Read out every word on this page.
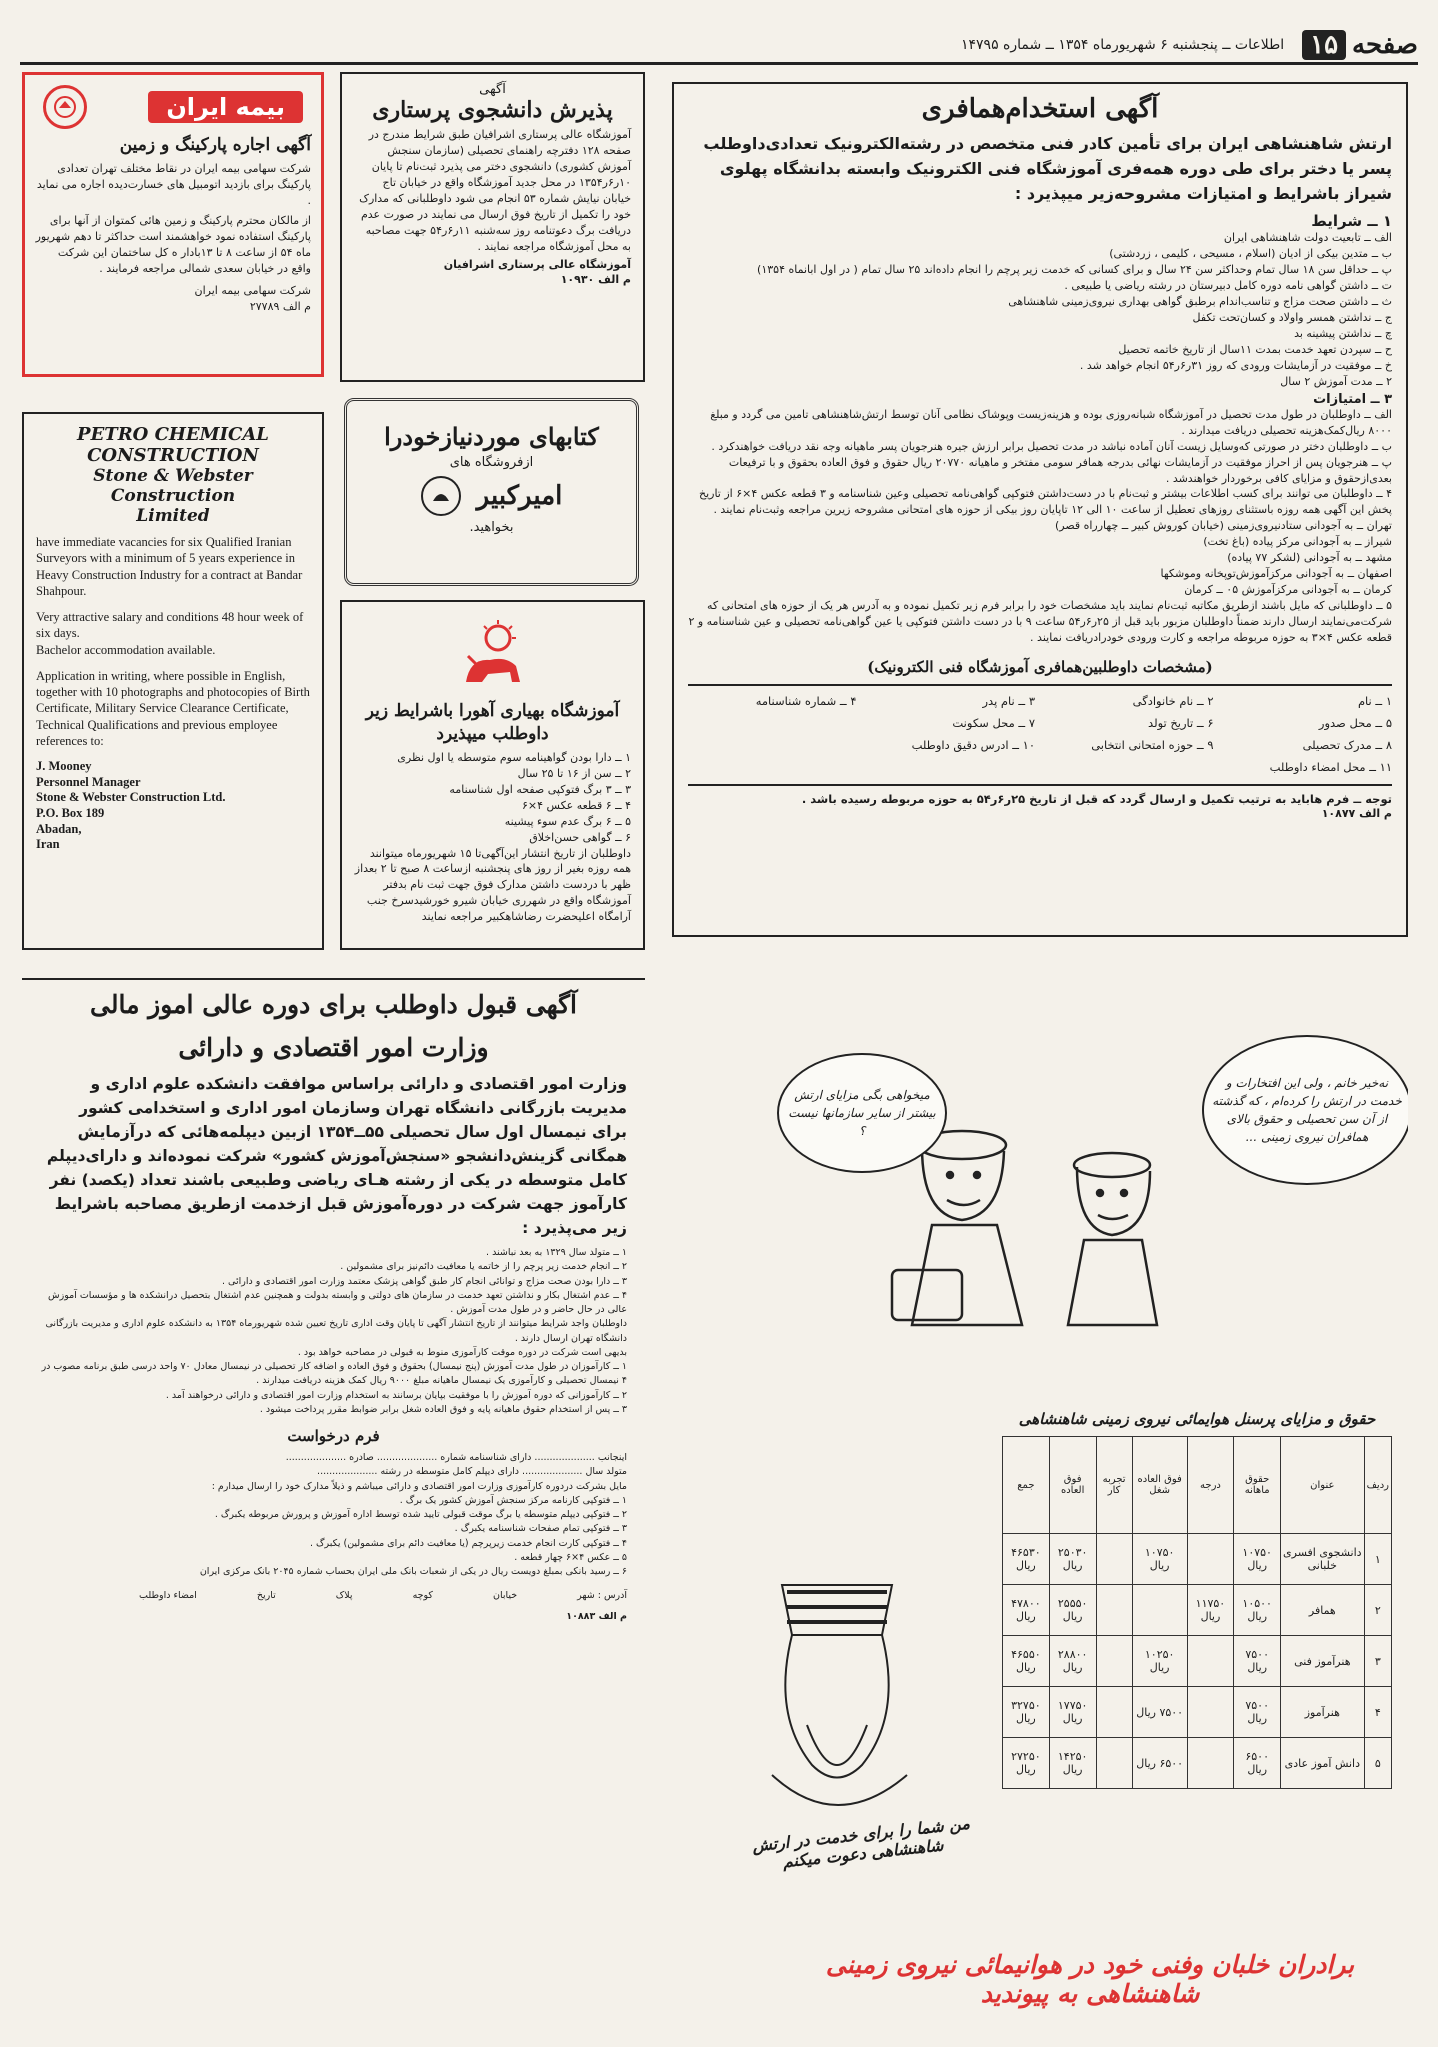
صفحه
۱۵
اطلاعات ــ پنجشنبه ۶ شهریورماه ۱۳۵۴ ــ شماره ۱۴۷۹۵
آگهی استخدام‌همافری
ارتش شاهنشاهی ایران برای تأمین کادر فنی متخصص در رشته‌الکترونیک تعدادی‌داوطلب پسر یا دختر برای طی دوره همه‌فری آموزشگاه فنی الکترونیک وابسته بدانشگاه پهلوی شیراز باشرایط و امتیازات مشروحه‌زیر میپذیرد :
۱ ــ شرایط
الف ــ تابعیت دولت شاهنشاهی ایران
ب ــ متدین بیکی از ادیان (اسلام ، مسیحی ، کلیمی ، زردشتی)
پ ــ حداقل سن ۱۸ سال تمام وحداکثر سن ۲۴ سال و برای کسانی که خدمت زیر پرچم را انجام داده‌اند ۲۵ سال تمام ( در اول ابانماه ۱۳۵۴)
ت ــ داشتن گواهی نامه دوره کامل دبیرستان در رشته ریاضی یا طبیعی .
ث ــ داشتن صحت مزاج و تناسب‌اندام برطبق گواهی بهداری نیروی‌زمینی شاهنشاهی
ج ــ نداشتن همسر واولاد و کسان‌تحت تکفل
چ ــ نداشتن پیشینه بد
ح ــ سپردن تعهد خدمت بمدت ۱۱سال از تاریخ خاتمه تحصیل
خ ــ موفقیت در آزمایشات ورودی که روز ۳۱ر۶ر۵۴ انجام خواهد شد .
۲ ــ مدت آموزش ۲ سال
۳ ــ امتیازات
الف ــ داوطلبان در طول مدت تحصیل در آموزشگاه شبانه‌روزی بوده و هزینه‌زیست وپوشاک نظامی آنان توسط ارتش‌شاهنشاهی تامین می گردد و مبلغ ۸۰۰۰ ریال‌کمک‌هزینه تحصیلی دریافت میدارند .
ب ــ داوطلبان دختر در صورتی که‌وسایل زیست آنان آماده نباشد در مدت تحصیل برابر ارزش جیره هنرجویان پسر ماهیانه وجه نقد دریافت خواهندکرد .
پ ــ هنرجویان پس از احراز موفقیت در آزمایشات نهائی بدرجه همافر سومی مفتخر و ماهیانه ۲۰۷۷۰ ریال حقوق و فوق العاده بحقوق و با ترفیعات بعدی‌ازحقوق و مزایای کافی برخوردار خواهندشد .
۴ ــ داوطلبان می توانند برای کسب اطلاعات بیشتر و ثبت‌نام با در دست‌داشتن فتوکپی گواهی‌نامه تحصیلی وعین شناسنامه و ۳ قطعه عکس ۴×۶ از تاریخ پخش این آگهی همه روزه باستثنای روزهای تعطیل از ساعت ۱۰ الی ۱۲ تاپایان روز بیکی از حوزه های امتحانی مشروحه زیرین مراجعه وثبت‌نام نمایند .
تهران ــ به آجودانی ستادنیروی‌زمینی (خیابان کوروش کبیر ــ چهارراه قصر)
شیراز ــ به آجودانی مرکز پیاده (باغ تخت)
مشهد ــ به آجودانی (لشکر ۷۷ پیاده)
اصفهان ــ به آجودانی مرکزآموزش‌توپخانه وموشکها
کرمان ــ به آجودانی مرکزآموزش ۰۵ ــ کرمان
۵ ــ داوطلبانی که مایل باشند ازطریق مکاتبه ثبت‌نام نمایند باید مشخصات خود را برابر فرم زیر تکمیل نموده و به آدرس هر یک از حوزه های امتحانی که شرکت‌می‌نمایند ارسال دارند ضمناً داوطلبان مزبور باید قبل از ۲۵ر۶ر۵۴ ساعت ۹ با در دست داشتن فتوکپی یا عین گواهی‌نامه تحصیلی و عین شناسنامه و ۲ قطعه عکس ۴×۳ به حوزه مربوطه مراجعه و کارت ورودی خودرادریافت نمایند .
(مشخصات داوطلبین‌همافری آموزشگاه فنی الکترونیک)
۱ ــ نام
۲ ــ نام خانوادگی
۳ ــ نام پدر
۴ ــ شماره شناسنامه
۵ ــ محل صدور
۶ ــ تاریخ تولد
۷ ــ محل سکونت
۸ ــ مدرک تحصیلی
۹ ــ حوزه امتحانی انتخابی
۱۰ ــ ادرس دقیق داوطلب
۱۱ ــ محل امضاء داوطلب
توجه ــ فرم هابايد به ترتيب تكميل و ارسال گردد كه قبل از تاريخ ۲۵ر۶ر۵۴ به حوزه مربوطه رسيده باشد .
م الف ۱۰۸۷۷
آگهی
پذیرش دانشجوی پرستاری
آموزشگاه عالی پرستاری اشرافیان طبق شرایط مندرج در صفحه ۱۲۸ دفترچه راهنمای تحصیلی (سازمان سنجش آموزش کشوری) دانشجوی دختر می پذیرد ثبت‌نام تا پایان ۱۰ر۶ر۱۳۵۴ در محل جدید آموزشگاه واقع در خیابان تاج خیابان نیایش شماره ۵۳ انجام می شود داوطلبانی که مدارک خود را تکمیل از تاریخ فوق ارسال می نمایند در صورت عدم دریافت برگ دعوتنامه روز سه‌شنبه ۱۱ر۶ر۵۴ جهت مصاحبه به محل آموزشگاه مراجعه نمایند .
آموزشگاه عالی پرستاری اشرافیان
م الف ۱۰۹۳۰
بیمه ایران
آگهی اجاره پارکینگ و زمین
شرکت سهامی بیمه ایران در نقاط مختلف تهران تعدادی پارکینگ برای بازدید اتومبیل های خسارت‌دیده اجاره می نماید .
از مالکان محترم پارکینگ و زمین هائی کمتوان از آنها برای پارکینگ استفاده نمود خواهشمند است حداکثر تا دهم شهریور ماه ۵۴ از ساعت ۸ تا ۱۳بادار ه کل ساختمان این شرکت واقع در خیابان سعدی شمالی مراجعه فرمایند .
شرکت سهامی بیمه ایران
م الف ۲۷۷۸۹

PETRO CHEMICAL

CONSTRUCTION

Stone & Webster Construction

Limited

have immediate vacancies for six Qualified Iranian Surveyors with a minimum of 5 years experience in Heavy Construction Industry for a contract at Bandar Shahpour.

Very attractive salary and conditions 48 hour week of six days.

Bachelor accommodation available.

Application in writing, where possible in English, together with 10 photographs and photocopies of Birth Certificate, Military Service Clearance Certificate, Technical Qualifications and previous employee references to:

J. Mooney

Personnel Manager

Stone & Webster Construction Ltd.

P.O. Box 189

Abadan,

Iran

کتابهای موردنیازخودرا
ازفروشگاه های
امیرکبیر
بخواهید.
آموزشگاه بهیاری آهورا باشرایط زیر داوطلب میپذیرد
۱ ــ دارا بودن گواهینامه سوم متوسطه یا اول نظری
۲ ــ سن از ۱۶ تا ۲۵ سال
۳ ــ ۳ برگ فتوکپی صفحه اول شناسنامه
۴ ــ ۶ قطعه عکس ۴×۶
۵ ــ ۶ برگ عدم سوء پیشینه
۶ ــ گواهی حسن‌اخلاق
داوطلبان از تاریخ انتشار این‌آگهی‌تا ۱۵ شهریورماه میتوانند همه روزه بغیر از روز های پنجشنبه ازساعت ۸ صبح تا ۲ بعداز ظهر با دردست داشتن مدارک فوق جهت ثبت نام بدفتر آموزشگاه واقع در شهرری خیابان شیرو خورشیدسرخ جنب آرامگاه اعلیحضرت رضاشاهکبیر مراجعه نمایند
آگهی قبول داوطلب برای دوره عالی اموز مالی
وزارت امور اقتصادی و دارائی
وزارت امور اقتصادی و دارائی براساس موافقت دانشکده علوم اداری و مدیریت بازرگانی دانشگاه تهران وسازمان امور اداری و استخدامی کشور برای نیمسال اول سال تحصیلی ۵۵ــ۱۳۵۴ ازبین دیپلمه‌هائی که درآزمایش همگانی گزینش‌دانشجو «سنجش‌آموزش کشور» شرکت نموده‌اند و دارای‌دیپلم کامل متوسطه در یکی از رشته‌ هـای ریاضی وطبیعی باشند تعداد (یکصد) نفر کارآموز جهت شرکت در دوره‌آموزش قبل ازخدمت ازطریق مصاحبه باشرایط زیر می‌پذیرد :
۱ ــ متولد سال ۱۳۲۹ به بعد نباشند .
۲ ــ انجام خدمت زیر پرچم را از خاتمه یا معافیت دائم‌نیز برای مشمولین .
۳ ــ دارا بودن صحت مزاج و توانائی انجام کار طبق گواهی پزشک معتمد وزارت امور اقتصادی و دارائی .
۴ ــ عدم اشتغال بکار و نداشتن تعهد خدمت در سازمان های دولتی و وابسته بدولت و همچنین عدم اشتغال بتحصیل درانشکده ها و مؤسسات آموزش عالی در حال حاضر و در طول مدت آموزش .
داوطلبان واجد شرایط میتوانند از تاریخ انتشار آگهی تا پایان وقت اداری تاریخ تعیین شده شهریورماه ۱۳۵۴ به دانشکده علوم اداری و مدیریت بازرگانی دانشگاه تهران ارسال دارند .
بدیهی است شرکت در دوره موقت کارآموزی منوط به قبولی در مصاحبه خواهد بود .
۱ ــ کارآموزان در طول مدت آموزش (پنج نیمسال) بحقوق و فوق العاده و اضافه کار تحصیلی در نیمسال معادل ۷۰ واحد درسی طبق برنامه مصوب در ۴ نیمسال تحصیلی و کارآموزی یک نیمسال ماهیانه مبلغ ۹۰۰۰ ریال کمک هزینه دریافت میدارند .
۲ ــ کارآموزانی که دوره آموزش را با موفقیت بپایان برسانند به استخدام وزارت امور اقتصادی و دارائی درخواهند آمد .
۳ ــ پس از استخدام حقوق ماهیانه پایه و فوق العاده شغل برابر ضوابط مقرر پرداخت میشود .
فرم درخواست
اینجانب .................... دارای شناسنامه شماره .................... صادره ....................
متولد سال .................... دارای دیپلم کامل متوسطه در رشته ....................
مایل بشرکت دردوره کارآموزی وزارت امور اقتصادی و دارائی میباشم و ذیلاً مدارک خود را ارسال میدارم :
۱ ــ فتوکپی کارنامه مرکز سنجش آموزش کشور یک برگ .
۲ ــ فتوکپی دیپلم متوسطه یا برگ موقت قبولی تایید شده توسط اداره آموزش و پرورش مربوطه یکبرگ .
۳ ــ فتوکپی تمام صفحات شناسنامه یکبرگ .
۴ ــ فتوکپی کارت انجام خدمت زیرپرچم (یا معافیت دائم برای مشمولین) یکبرگ .
۵ ــ عکس ۴×۶ چهار قطعه .
۶ ــ رسید بانکی بمبلغ دویست ریال در یکی از شعبات بانک ملی ایران بحساب شماره ۲۰۴۵ بانک مرکزی ایران
آدرس : شهر
خیابان
کوچه
پلاک
تاریخ
امضاء داوطلب
م الف ۱۰۸۸۳
میخواهی بگی مزایای ارتش بیشتر از سایر سازمانها نیست ؟
نه‌خیر خانم ، ولی این افتخارات و خدمت در ارتش را کرده‌ام ، که گذشته از آن سن تحصیلی و حقوق بالای همافران نیروی زمینی ...
من شما را برای خدمت در ارتش شاهنشاهی دعوت میکنم
حقوق و مزایای پرسنل هوایمائی نیروی زمینی شاهنشاهی
ردیف	عنوان	حقوق ماهانه	درجه	فوق العاده شغل	تجربه کار	فوق العاده	جمع
۱	دانشجوی افسری خلبانی	۱۰۷۵۰ ریال		۱۰۷۵۰ ریال		۲۵۰۳۰ ریال	۴۶۵۳۰ ریال
۲	همافر	۱۰۵۰۰ ریال	۱۱۷۵۰ ریال			۲۵۵۵۰ ریال	۴۷۸۰۰ ریال
۳	هنرآموز فنی	۷۵۰۰ ریال		۱۰۲۵۰ ریال		۲۸۸۰۰ ریال	۴۶۵۵۰ ریال
۴	هنرآموز	۷۵۰۰ ریال		۷۵۰۰ ریال		۱۷۷۵۰ ریال	۳۲۷۵۰ ریال
۵	دانش آموز عادی	۶۵۰۰ ریال		۶۵۰۰ ریال		۱۴۲۵۰ ریال	۲۷۲۵۰ ریال
برادران خلبان وفنی خود در هوانیمائی نیروی زمینی شاهنشاهی به پیوندید
